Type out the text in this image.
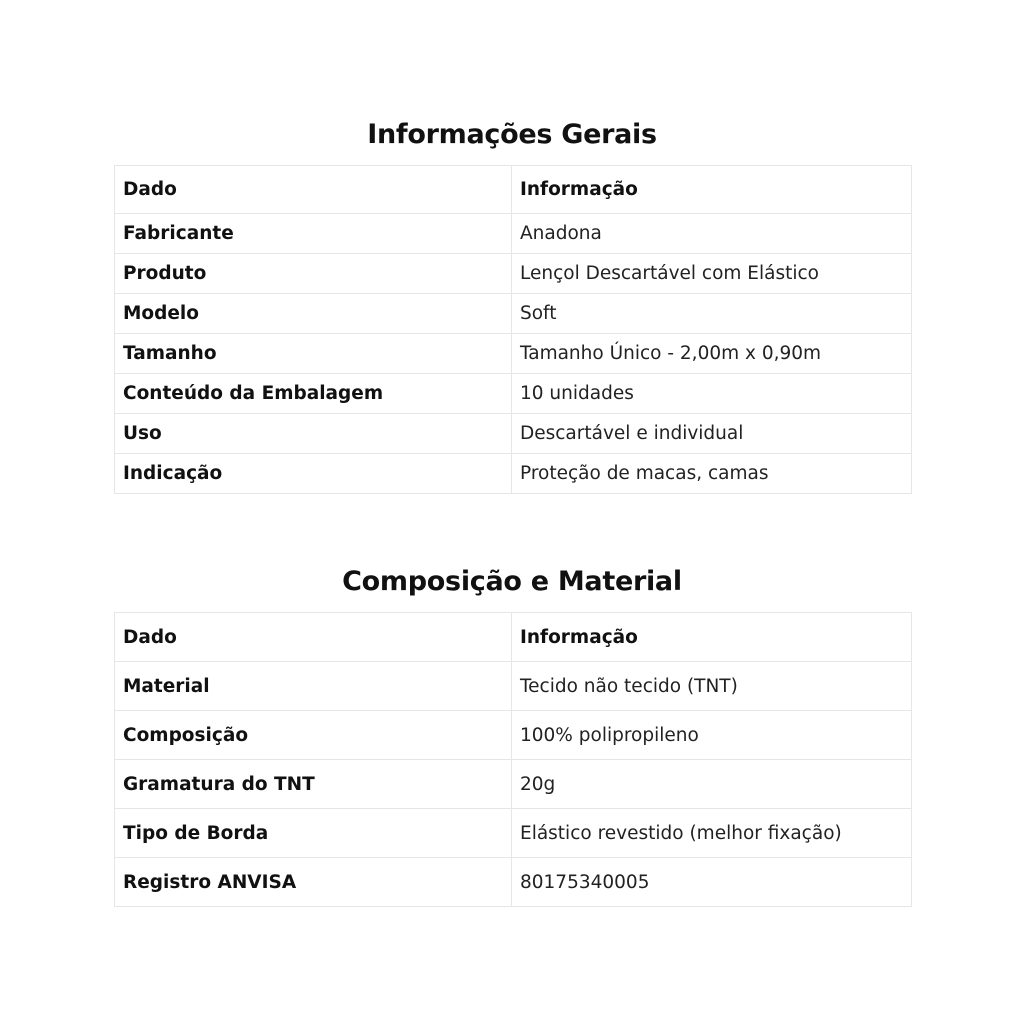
Informações Gerais
Dado	Informação
Fabricante	Anadona
Produto	Lençol Descartável com Elástico
Modelo	Soft
Tamanho	Tamanho Único - 2,00m x 0,90m
Conteúdo da Embalagem	10 unidades
Uso	Descartável e individual
Indicação	Proteção de macas, camas
Composição e Material
Dado	Informação
Material	Tecido não tecido (TNT)
Composição	100% polipropileno
Gramatura do TNT	20g
Tipo de Borda	Elástico revestido (melhor fixação)
Registro ANVISA	80175340005
